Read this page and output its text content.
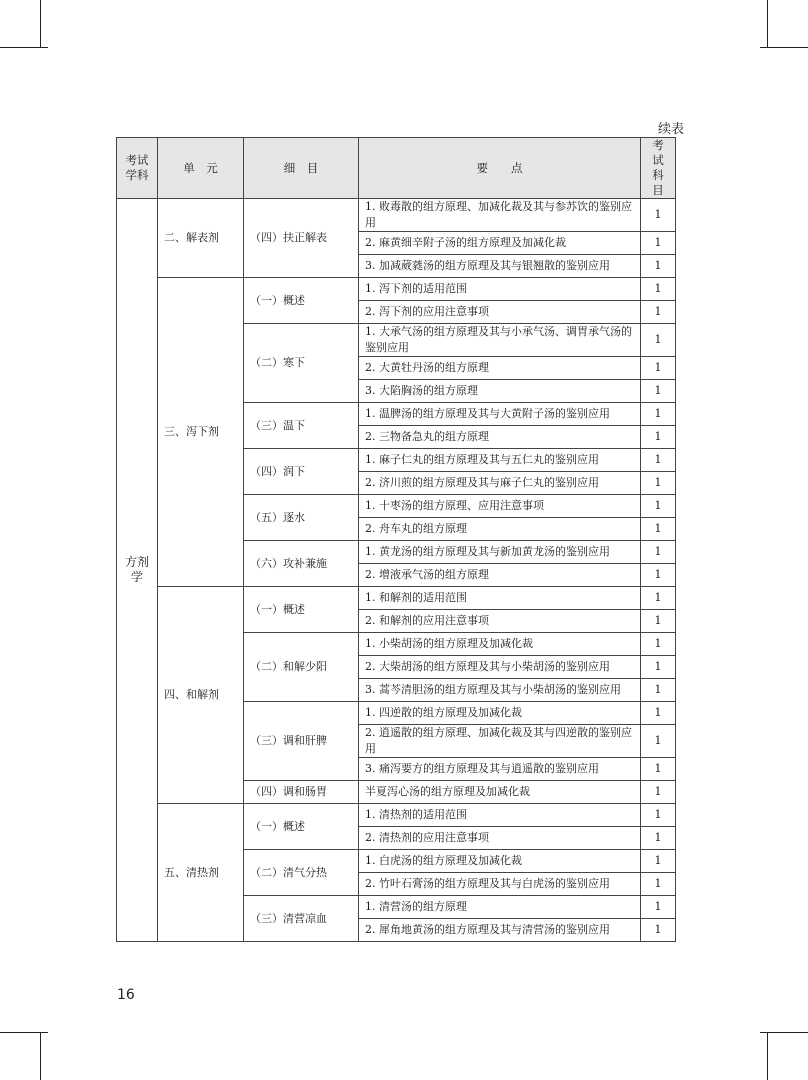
续表
考试学科	单　元	细　目	要　　点	考试科目

方剂学	二、解表剂	（四）扶正解表	1. 败毒散的组方原理、加减化裁及其与参苏饮的鉴别应用	1
			2. 麻黄细辛附子汤的组方原理及加减化裁	1
			3. 加减葳蕤汤的组方原理及其与银翘散的鉴别应用	1
	三、泻下剂	（一）概述	1. 泻下剂的适用范围	1
			2. 泻下剂的应用注意事项	1
		（二）寒下	1. 大承气汤的组方原理及其与小承气汤、调胃承气汤的鉴别应用	1
			2. 大黄牡丹汤的组方原理	1
			3. 大陷胸汤的组方原理	1
		（三）温下	1. 温脾汤的组方原理及其与大黄附子汤的鉴别应用	1
			2. 三物备急丸的组方原理	1
		（四）润下	1. 麻子仁丸的组方原理及其与五仁丸的鉴别应用	1
			2. 济川煎的组方原理及其与麻子仁丸的鉴别应用	1
		（五）逐水	1. 十枣汤的组方原理、应用注意事项	1
			2. 舟车丸的组方原理	1
		（六）攻补兼施	1. 黄龙汤的组方原理及其与新加黄龙汤的鉴别应用	1
			2. 增液承气汤的组方原理	1
	四、和解剂	（一）概述	1. 和解剂的适用范围	1
			2. 和解剂的应用注意事项	1
		（二）和解少阳	1. 小柴胡汤的组方原理及加减化裁	1
			2. 大柴胡汤的组方原理及其与小柴胡汤的鉴别应用	1
			3. 蒿芩清胆汤的组方原理及其与小柴胡汤的鉴别应用	1
		（三）调和肝脾	1. 四逆散的组方原理及加减化裁	1
			2. 逍遥散的组方原理、加减化裁及其与四逆散的鉴别应用	1
			3. 痛泻要方的组方原理及其与逍遥散的鉴别应用	1
		（四）调和肠胃	半夏泻心汤的组方原理及加减化裁	1
	五、清热剂	（一）概述	1. 清热剂的适用范围	1
			2. 清热剂的应用注意事项	1
		（二）清气分热	1. 白虎汤的组方原理及加减化裁	1
			2. 竹叶石膏汤的组方原理及其与白虎汤的鉴别应用	1
		（三）清营凉血	1. 清营汤的组方原理	1
			2. 犀角地黄汤的组方原理及其与清营汤的鉴别应用	1
16
